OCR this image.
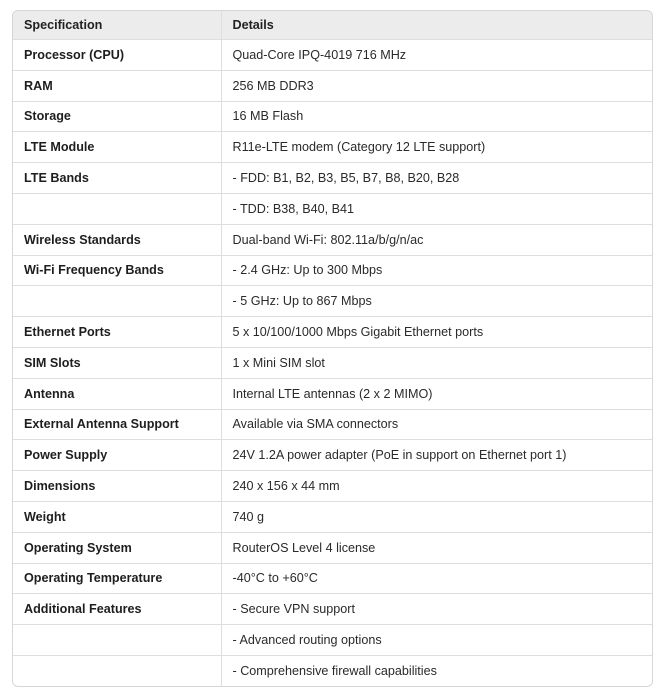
Specification	Details
Processor (CPU)	Quad-Core IPQ-4019 716 MHz
RAM	256 MB DDR3
Storage	16 MB Flash
LTE Module	R11e-LTE modem (Category 12 LTE support)
LTE Bands	- FDD: B1, B2, B3, B5, B7, B8, B20, B28
	- TDD: B38, B40, B41
Wireless Standards	Dual-band Wi-Fi: 802.11a/b/g/n/ac
Wi-Fi Frequency Bands	- 2.4 GHz: Up to 300 Mbps
	- 5 GHz: Up to 867 Mbps
Ethernet Ports	5 x 10/100/1000 Mbps Gigabit Ethernet ports
SIM Slots	1 x Mini SIM slot
Antenna	Internal LTE antennas (2 x 2 MIMO)
External Antenna Support	Available via SMA connectors
Power Supply	24V 1.2A power adapter (PoE in support on Ethernet port 1)
Dimensions	240 x 156 x 44 mm
Weight	740 g
Operating System	RouterOS Level 4 license
Operating Temperature	-40°C to +60°C
Additional Features	- Secure VPN support
	- Advanced routing options
	- Comprehensive firewall capabilities
